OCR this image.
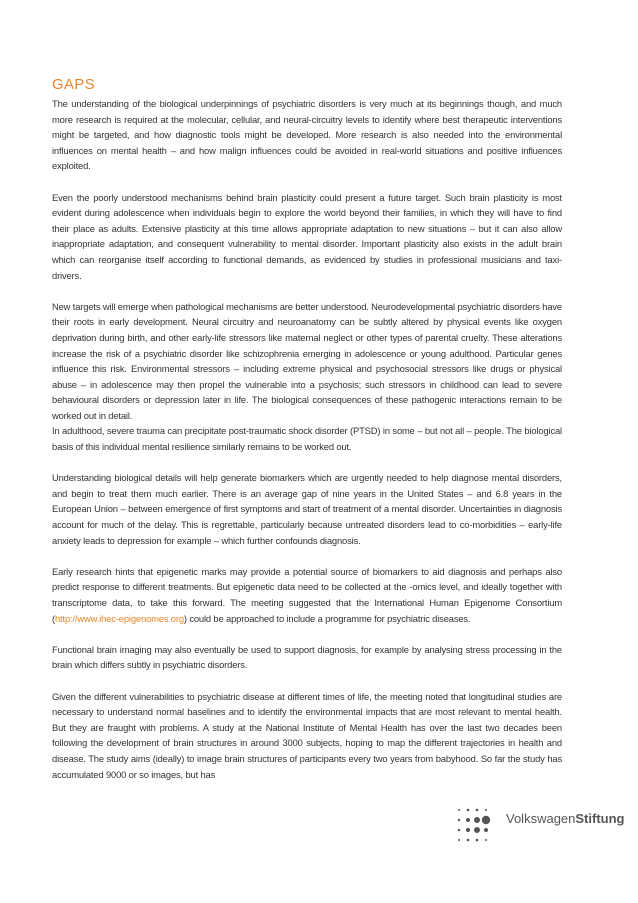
GAPS

The understanding of the biological underpinnings of psychiatric disorders is very much at its beginnings though, and much more research is required at the molecular, cellular, and neural-circuitry levels to identify where best therapeutic interventions might be targeted, and how diagnostic tools might be developed. More research is also needed into the environmental influences on mental health – and how malign influences could be avoided in real-world situations and positive influences exploited.

Even the poorly understood mechanisms behind brain plasticity could present a future target. Such brain plasticity is most evident during adolescence when individuals begin to explore the world beyond their families, in which they will have to find their place as adults. Extensive plasticity at this time allows appropriate adaptation to new situations – but it can also allow inappropriate adaptation, and consequent vulnerability to mental disorder. Important plasticity also exists in the adult brain which can reorganise itself according to functional demands, as evidenced by studies in professional musicians and taxi-drivers.

New targets will emerge when pathological mechanisms are better understood. Neurodevelopmental psychiatric disorders have their roots in early development. Neural circuitry and neuroanatomy can be subtly altered by physical events like oxygen deprivation during birth, and other early-life stressors like maternal neglect or other types of parental cruelty. These alterations increase the risk of a psychiatric disorder like schizophrenia emerging in adolescence or young adulthood. Particular genes influence this risk. Environmental stressors – including extreme physical and psychosocial stressors like drugs or physical abuse – in adolescence may then propel the vulnerable into a psychosis; such stressors in childhood can lead to severe behavioural disorders or depression later in life. The biological consequences of these pathogenic interactions remain to be worked out in detail.

In adulthood, severe trauma can precipitate post-traumatic shock disorder (PTSD) in some – but not all – people. The biological basis of this individual mental resilience similarly remains to be worked out.

Understanding biological details will help generate biomarkers which are urgently needed to help diagnose mental disorders, and begin to treat them much earlier. There is an average gap of nine years in the United States – and 6.8 years in the European Union – between emergence of first symptoms and start of treatment of a mental disorder. Uncertainties in diagnosis account for much of the delay. This is regrettable, particularly because untreated disorders lead to co-morbidities – early-life anxiety leads to depression for example – which further confounds diagnosis.

Early research hints that epigenetic marks may provide a potential source of biomarkers to aid diagnosis and perhaps also predict response to different treatments. But epigenetic data need to be collected at the -omics level, and ideally together with transcriptome data, to take this forward. The meeting suggested that the International Human Epigenome Consortium (http://www.ihec-epigenomes.org) could be approached to include a programme for psychiatric diseases.

Functional brain imaging may also eventually be used to support diagnosis, for example by analysing stress processing in the brain which differs subtly in psychiatric disorders.

Given the different vulnerabilities to psychiatric disease at different times of life, the meeting noted that longitudinal studies are necessary to understand normal baselines and to identify the environmental impacts that are most relevant to mental health. But they are fraught with problems. A study at the National Institute of Mental Health has over the last two decades been following the development of brain structures in around 3000 subjects, hoping to map the different trajectories in health and disease. The study aims (ideally) to image brain structures of participants every two years from babyhood. So far the study has accumulated 9000 or so images, but has

VolkswagenStiftung
